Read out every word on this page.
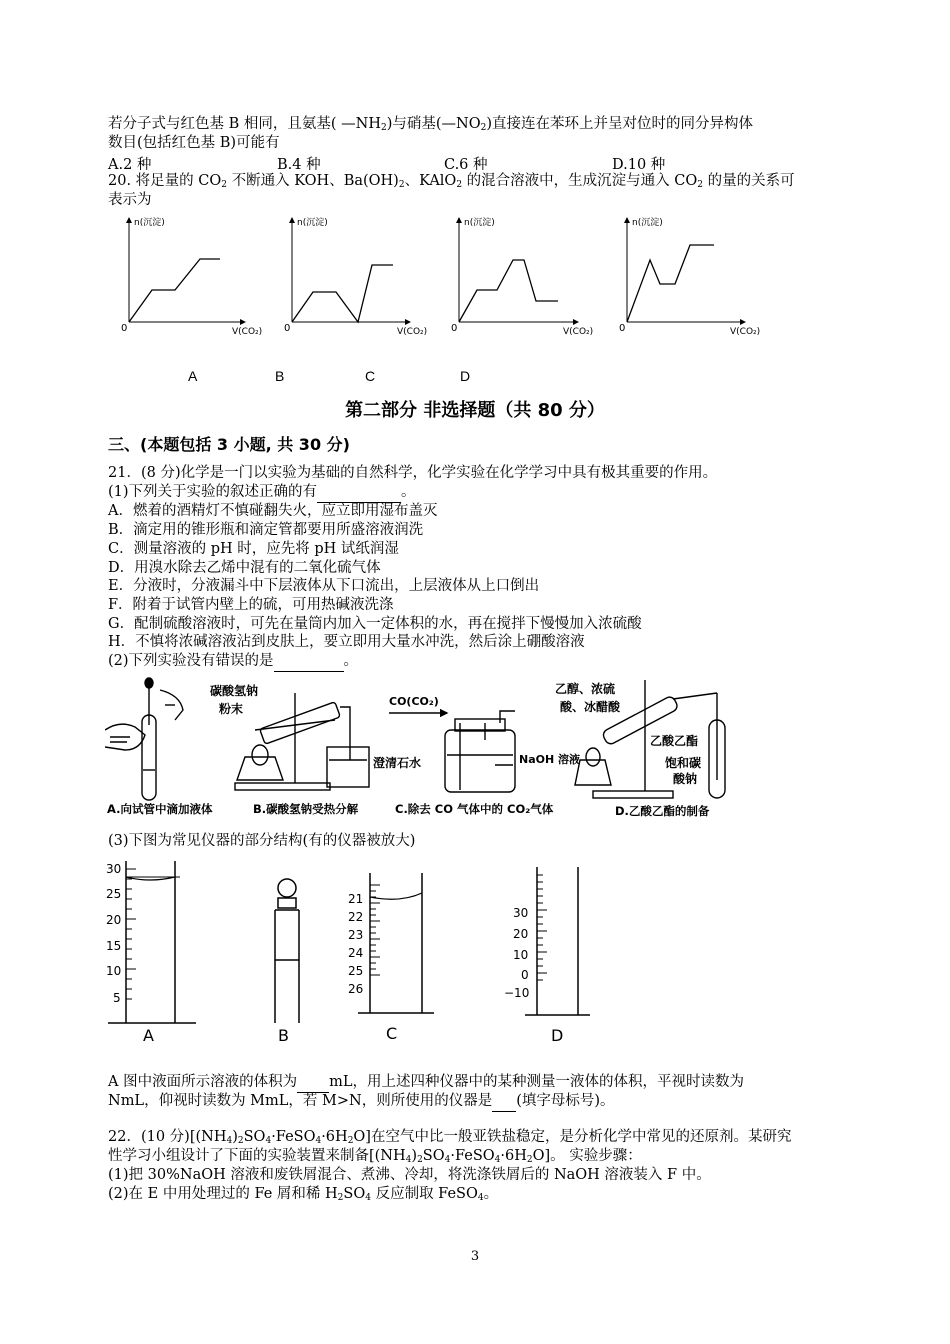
若分子式与红色基 B 相同，且氨基( $—NH_2$)与硝基$(—NO_2)$直接连在苯环上并呈对位时的同分异构体
数目(包括红色基 B)可能有
A.2 种	B.4 种	C.6 种	D.10 种
20. 将足量的 $CO_2$ 不断通入 KOH、$Ba(OH)_2$、KAlO$_2$ 的混合溶液中，生成沉淀与通入 $CO_2$ 的量的关系可
表示为
n(沉淀)
0	V(CO₂)
n(沉淀)
0	V(CO₂)
n(沉淀)
0	V(CO₂)
n(沉淀)
0	V(CO₂)
A	B	C	D
第二部分 非选择题（共 80 分）
三、(本题包括 3 小题, 共 30 分)
21．(8 分)化学是一门以实验为基础的自然科学，化学实验在化学学习中具有极其重要的作用。
(1)下列关于实验的叙述正确的有	。
A．燃着的酒精灯不慎碰翻失火，应立即用湿布盖灭
B．滴定用的锥形瓶和滴定管都要用所盛溶液润洗
C．测量溶液的 pH 时，应先将 pH 试纸润湿
D．用溴水除去乙烯中混有的二氧化硫气体
E．分液时，分液漏斗中下层液体从下口流出，上层液体从上口倒出
F．附着于试管内壁上的硫，可用热碱液洗涤
G．配制硫酸溶液时，可先在量筒内加入一定体积的水，再在搅拌下慢慢加入浓硫酸
H．不慎将浓碱溶液沾到皮肤上，要立即用大量水冲洗，然后涂上硼酸溶液
(2)下列实验没有错误的是	。
碳酸氢钠
粉末
澄清石水
CO(CO₂)
NaOH 溶液
乙醇、浓硫
酸、冰醋酸
乙酸乙酯
饱和碳
酸钠
A.向试管中滴加液体	B.碳酸氢钠受热分解	C.除去 CO 气体中的 CO₂气体	D.乙酸乙酯的制备
(3)下图为常见仪器的部分结构(有的仪器被放大)
30
25
20
15
10
5
A	B
21
22
23
24
25
26
C
30
20
10
0
−10
D
A 图中液面所示溶液的体积为 mL，用上述四种仪器中的某种测量一液体的体积，平视时读数为
NmL，仰视时读数为 MmL，若 M>N，则所使用的仪器是 (填字母标号)。
22．(10 分)$[(NH_4)_2SO_4\cdot FeSO_4\cdot 6H_2O]$在空气中比一般亚铁盐稳定，是分析化学中常见的还原剂。某研究
性学习小组设计了下面的实验装置来制备$[(NH_4)_2SO_4\cdot FeSO_4\cdot 6H_2O]$。 实验步骤：
(1)把 30%NaOH 溶液和废铁屑混合、煮沸、冷却，将洗涤铁屑后的 NaOH 溶液装入 F 中。
(2)在 E 中用处理过的 Fe 屑和稀 $H_2SO_4$ 反应制取 FeSO$_4$。
3
